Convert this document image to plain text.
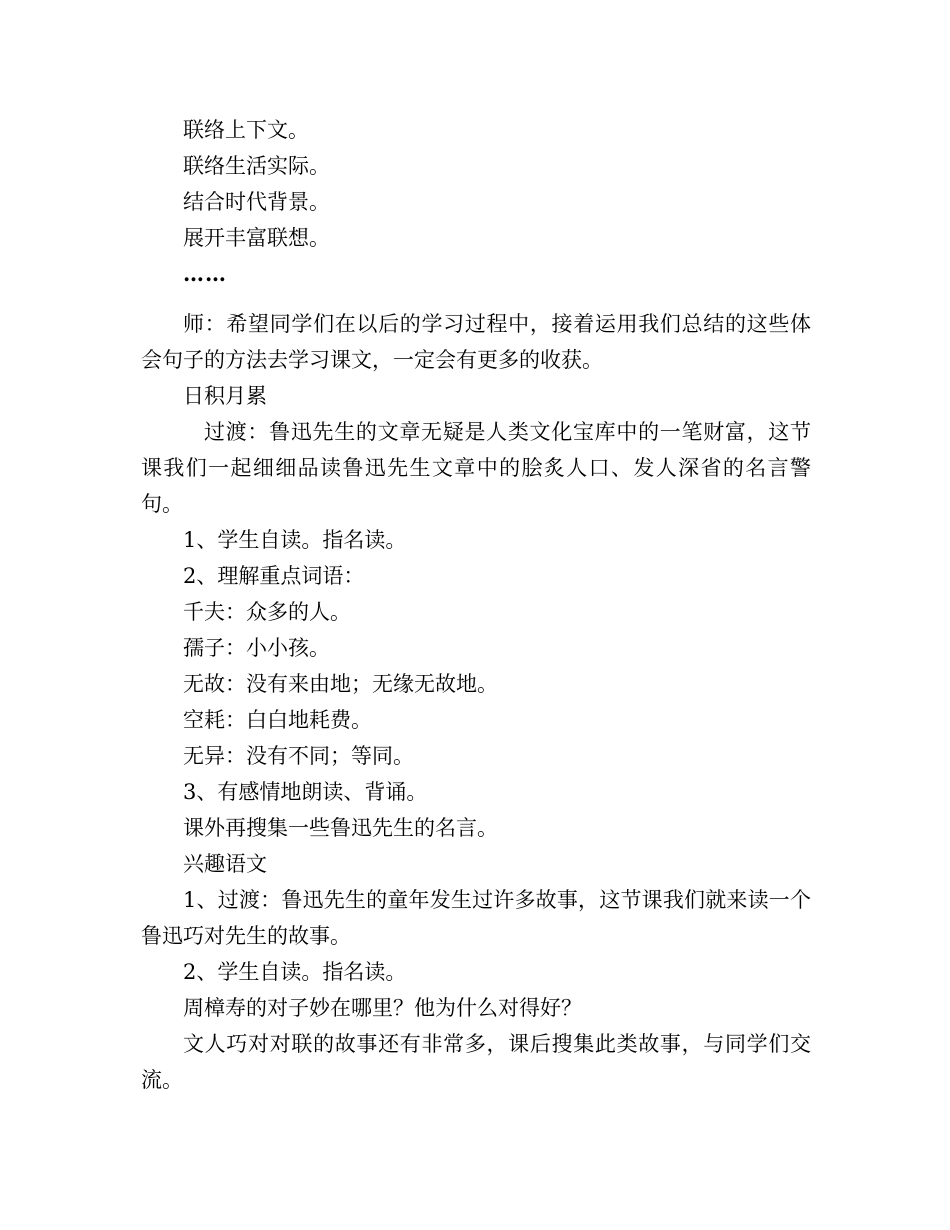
联络上下文。
联络生活实际。
结合时代背景。
展开丰富联想。
……
师：希望同学们在以后的学习过程中，接着运用我们总结的这些体会句子的方法去学习课文，一定会有更多的收获。
日积月累
过渡：鲁迅先生的文章无疑是人类文化宝库中的一笔财富，这节课我们一起细细品读鲁迅先生文章中的脍炙人口、发人深省的名言警句。
1、学生自读。指名读。
2、理解重点词语：
千夫：众多的人。
孺子：小小孩。
无故：没有来由地；无缘无故地。
空耗：白白地耗费。
无异：没有不同；等同。
3、有感情地朗读、背诵。
课外再搜集一些鲁迅先生的名言。
兴趣语文
1、过渡：鲁迅先生的童年发生过许多故事，这节课我们就来读一个鲁迅巧对先生的故事。
2、学生自读。指名读。
周樟寿的对子妙在哪里？他为什么对得好？
文人巧对对联的故事还有非常多，课后搜集此类故事，与同学们交流。
